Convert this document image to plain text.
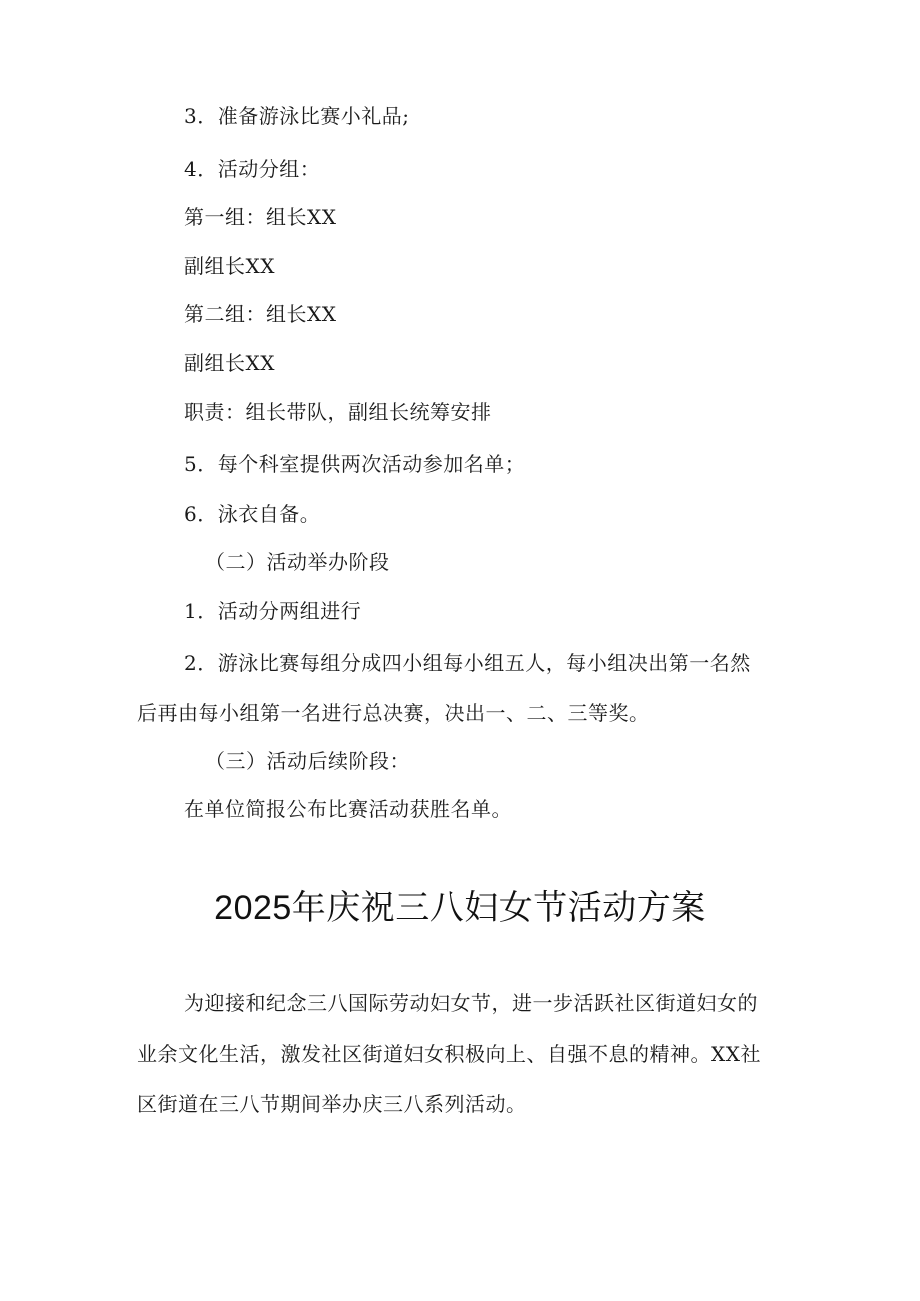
3．准备游泳比赛小礼品;
4．活动分组：
第一组：组长XX
副组长XX
第二组：组长XX
副组长XX
职责：组长带队，副组长统筹安排
5．每个科室提供两次活动参加名单；
6．泳衣自备。
（二）活动举办阶段
1．活动分两组进行
2．游泳比赛每组分成四小组每小组五人，每小组决出第一名然
后再由每小组第一名进行总决赛，决出一、二、三等奖。
（三）活动后续阶段：
在单位简报公布比赛活动获胜名单。
2025年庆祝三八妇女节活动方案
为迎接和纪念三八国际劳动妇女节，进一步活跃社区街道妇女的
业余文化生活，激发社区街道妇女积极向上、自强不息的精神。XX社
区街道在三八节期间举办庆三八系列活动。
